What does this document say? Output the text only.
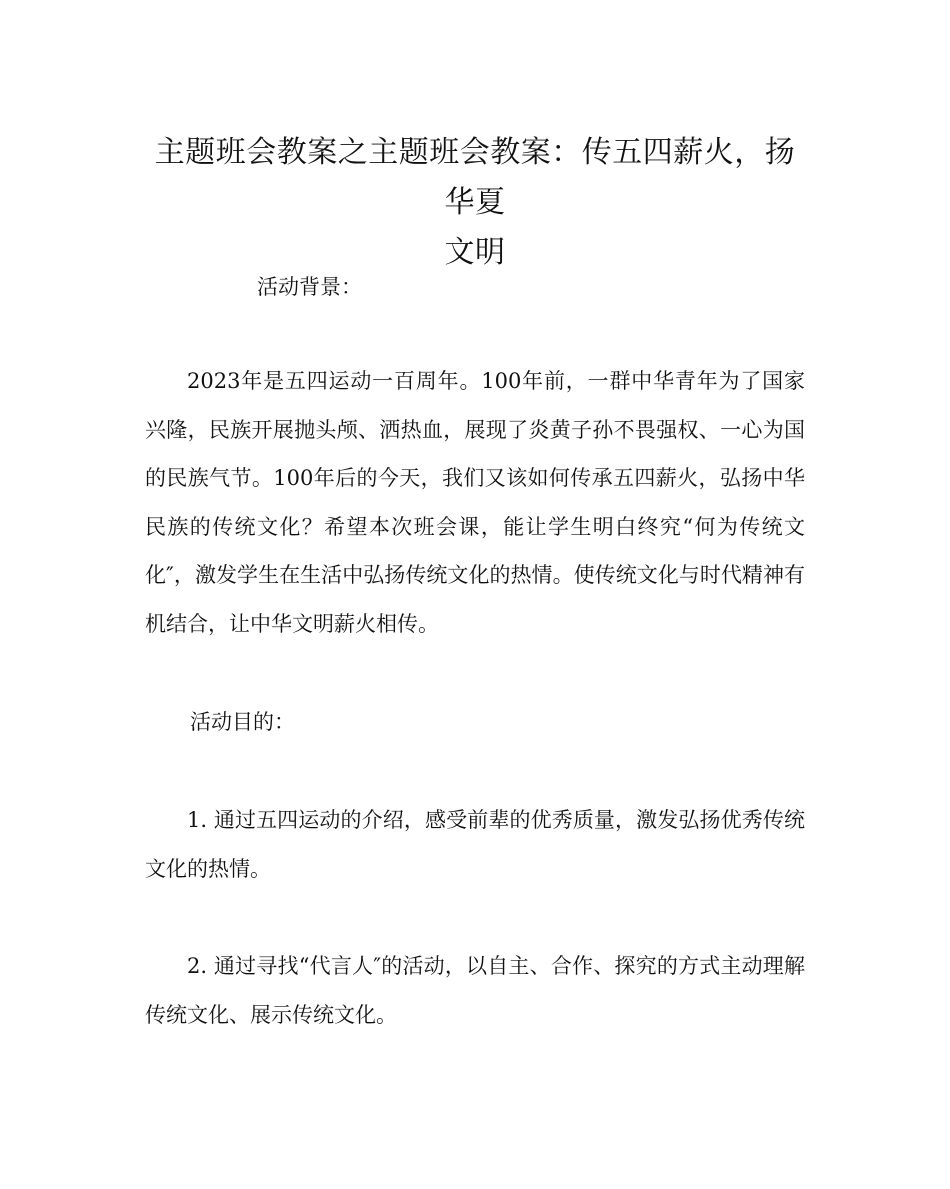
主题班会教案之主题班会教案：传五四薪火，扬华夏
文明
活动背景：
2023年是五四运动一百周年。100年前，一群中华青年为了国家兴隆，民族开展抛头颅、洒热血，展现了炎黄子孙不畏强权、一心为国的民族气节。100年后的今天，我们又该如何传承五四薪火，弘扬中华民族的传统文化？希望本次班会课，能让学生明白终究“何为传统文化″，激发学生在生活中弘扬传统文化的热情。使传统文化与时代精神有机结合，让中华文明薪火相传。
活动目的：
1. 通过五四运动的介绍，感受前辈的优秀质量，激发弘扬优秀传统文化的热情。
2. 通过寻找“代言人″的活动，以自主、合作、探究的方式主动理解传统文化、展示传统文化。
